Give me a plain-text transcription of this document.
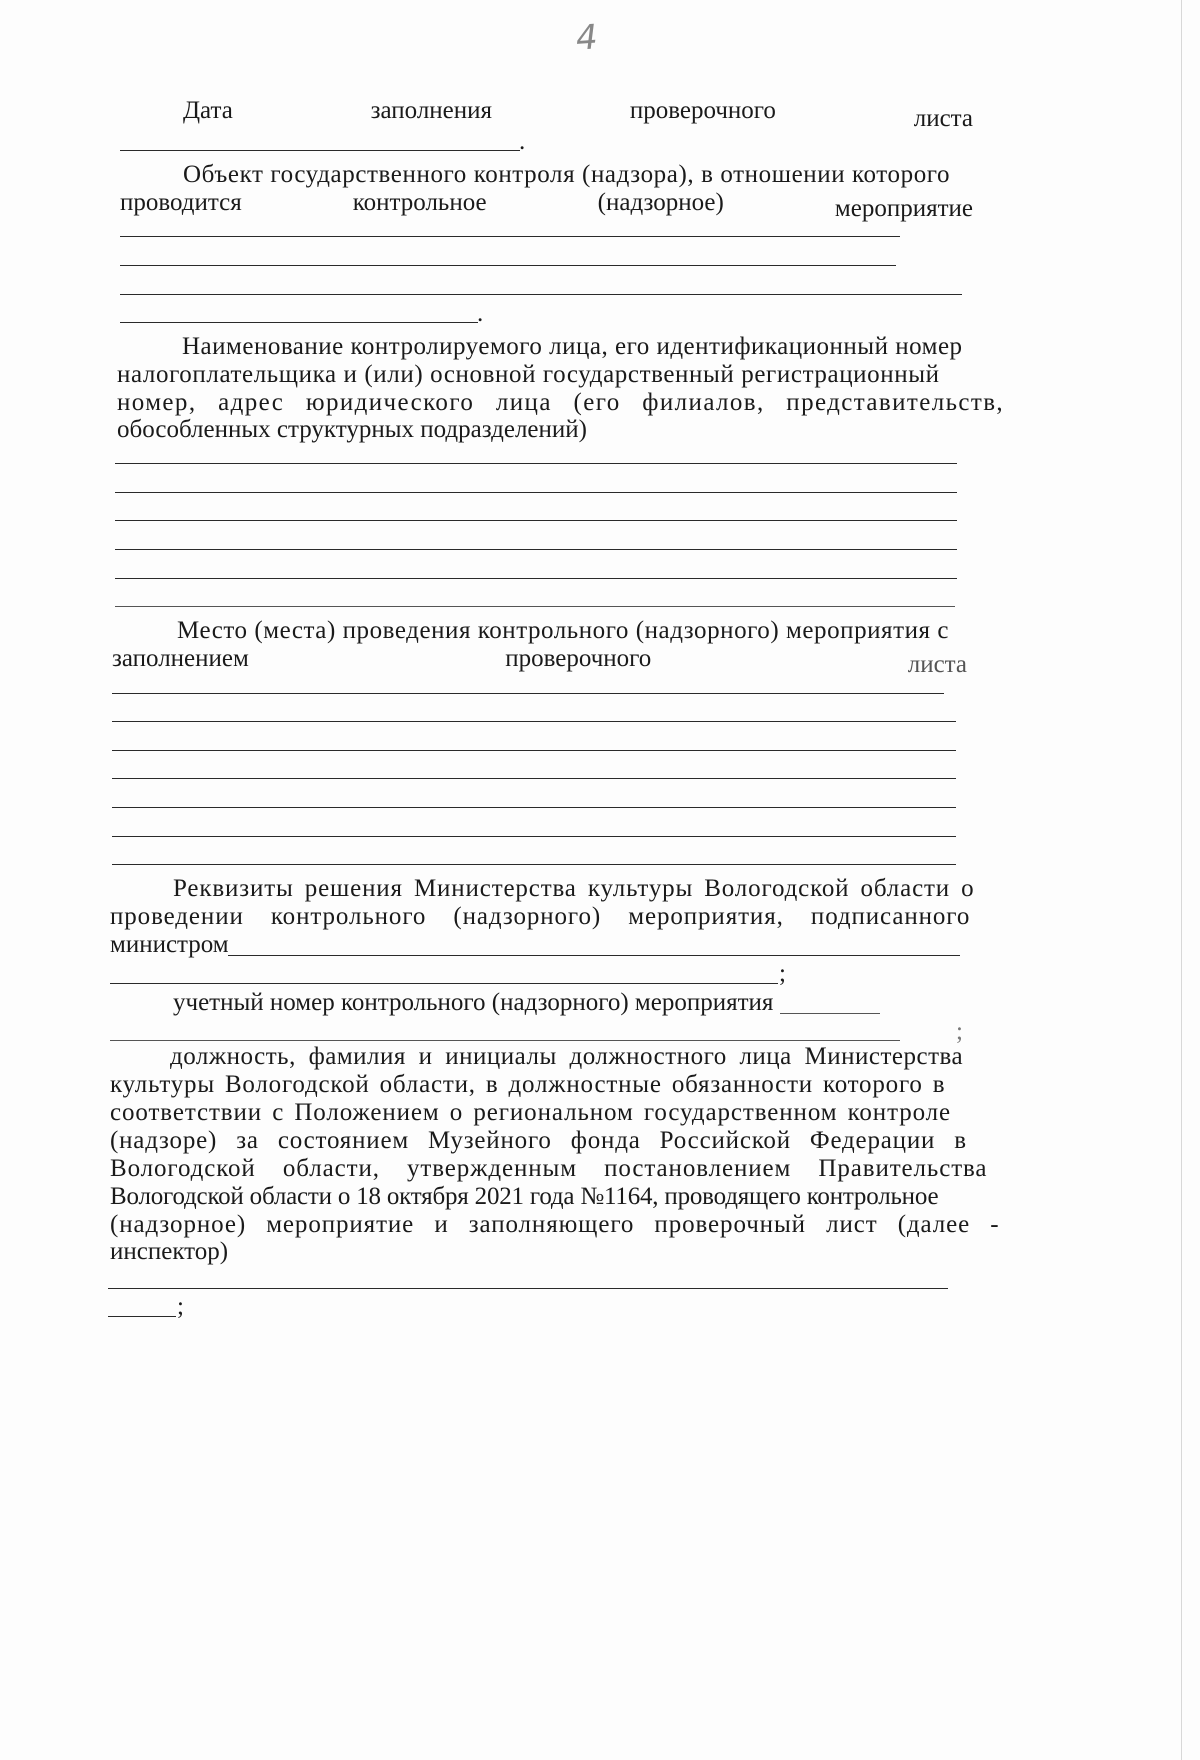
4
Дата	заполнения	проверочного	листа
.
Объект государственного контроля (надзора), в отношении которого
проводится	контрольное	(надзорное)	мероприятие
.
Наименование контролируемого лица, его идентификационный номер
налогоплательщика и (или) основной государственный регистрационный
номер, адрес юридического лица (его филиалов, представительств,
обособленных структурных подразделений)
Место (места) проведения контрольного (надзорного) мероприятия с
заполнением	проверочного	листа
Реквизиты решения Министерства культуры Вологодской области о
проведении контрольного (надзорного) мероприятия, подписанного
министром
;
учетный номер контрольного (надзорного) мероприятия
;
должность, фамилия и инициалы должностного лица Министерства
культуры Вологодской области, в должностные обязанности которого в
соответствии с Положением о региональном государственном контроле
(надзоре) за состоянием Музейного фонда Российской Федерации в
Вологодской области, утвержденным постановлением Правительства
Вологодской области о 18 октября 2021 года №1164, проводящего контрольное
(надзорное) мероприятие и заполняющего проверочный лист (далее -
инспектор)
;
